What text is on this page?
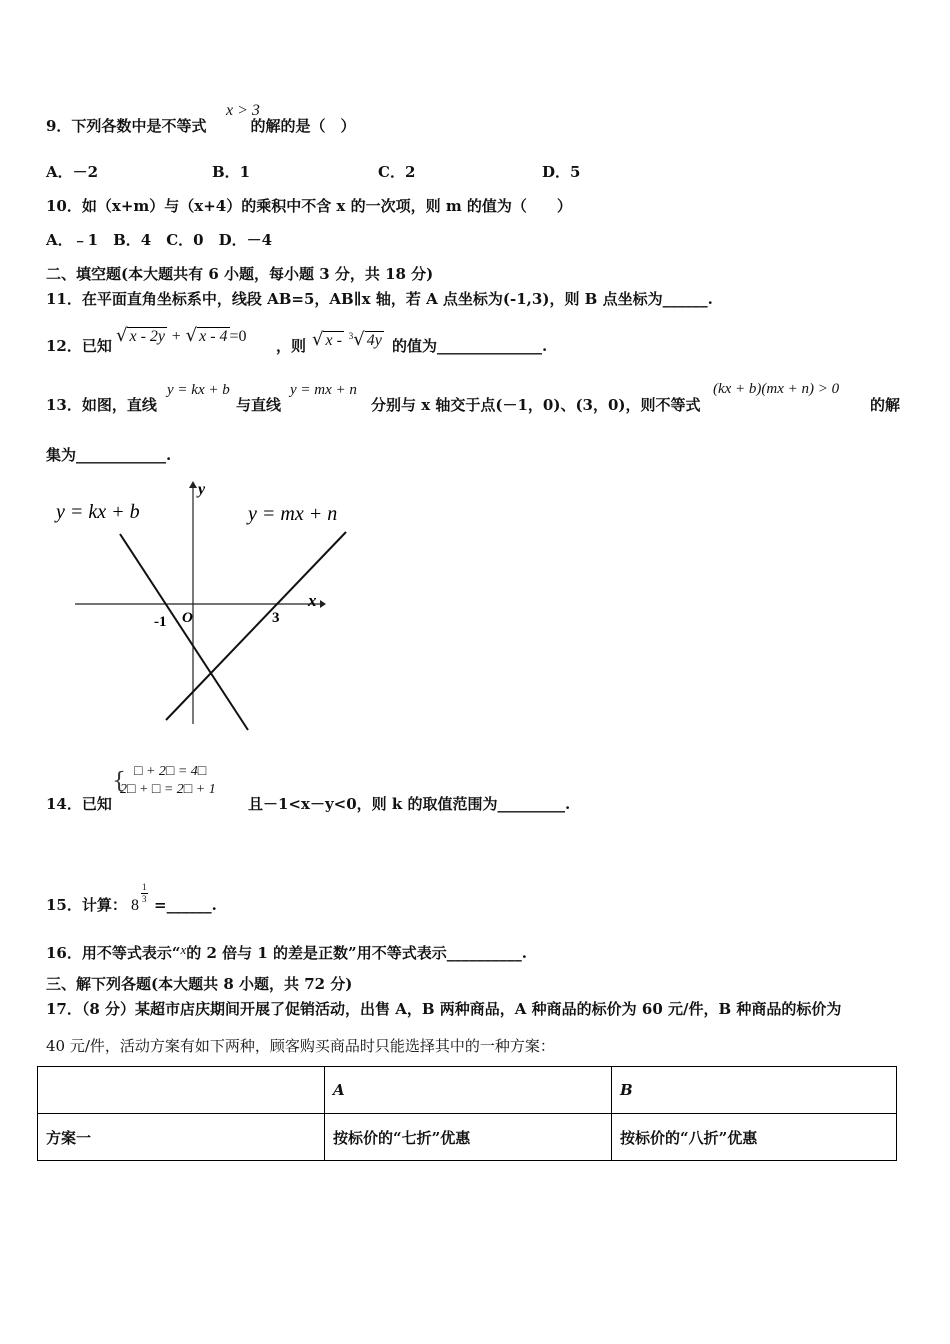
9．下列各数中是不等式	的解的是（　）
x > 3
A．－2	B．1	C．2	D．5
10．如（x+m）与（x+4）的乘积中不含 x 的一次项，则 m 的值为（　　）
A．﹣1　B．4　C．0　D．－4
二、填空题(本大题共有 6 小题，每小题 3 分，共 18 分)
11．在平面直角坐标系中，线段 AB=5，AB∥x 轴，若 A 点坐标为(-1,3)，则 B 点坐标为______.
12．已知 √ x - 2y + √ x - 4 =0
，则 √ x - $^3$√ 4y 的值为______________.
13．如图，直线
y = kx + b
与直线
y = mx + n
分别与 x 轴交于点(－1，0)、(3，0)，则不等式
(kx + b)(mx + n) > 0
的解
集为____________.
y = kx + b	y = mx + n
x
y
O
-1	3
14．已知
{ □ + 2□ = 4□
2□ + □ = 2□ + 1
且－1<x－y<0，则 k 的取值范围为_________.
15．计算： 8
1
3 =______.
16．用不等式表示“x的 2 倍与 1 的差是正数”用不等式表示__________.
三、解下列各题(本大题共 8 小题，共 72 分)
17．（8 分）某超市店庆期间开展了促销活动，出售 A，B 两种商品，A 种商品的标价为 60 元/件，B 种商品的标价为
40 元/件，活动方案有如下两种，顾客购买商品时只能选择其中的一种方案：
	A	B
方案一	按标价的“七折”优惠	按标价的“八折”优惠
